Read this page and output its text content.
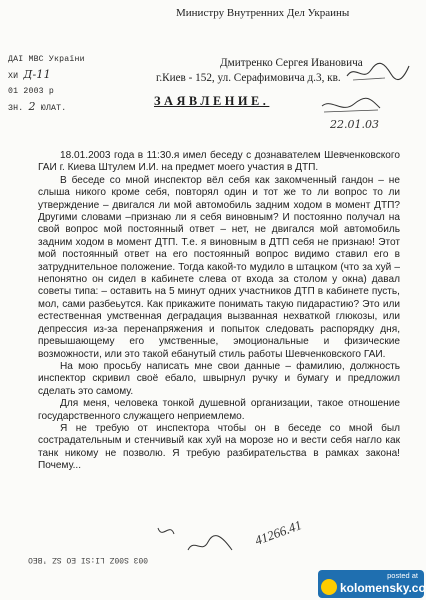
Министру Внутренних Дел Украины
ДАІ МВС України
ХИ Д-11
01 2003 р
ЗН. 2 ЮЛАТ.
Дмитренко Сергея Ивановича
г.Киев - 152, ул. Серафимовича д.3, кв.
ЗАЯВЛЕНИЕ.
22.01.03

18.01.2003 года в 11:30.я имел беседу с дознавателем Шевченковского ГАИ г. Киева Штулем И.И. на предмет моего участия в ДТП.

В беседе со мной инспектор вёл себя как закомченный гандон – не слыша никого кроме себя, повторял один и тот же то ли вопрос то ли утверждение – двигался ли мой автомобиль задним ходом в момент ДТП? Другими словами –признаю ли я себя виновным? И постоянно получал на свой вопрос мой постоянный ответ – нет, не двигался мой автомобиль задним ходом в момент ДТП. Т.е. я виновным в ДТП себя не признаю! Этот мой постоянный ответ на его постоянный вопрос видимо ставил его в затруднительное положение. Тогда какой-то мудило в штацком (что за хуй – непонятно он сидел в кабинете слева от входа за столом у окна) давал советы типа: – оставить на 5 минут одних участников ДТП в кабинете пусть, мол, сами разбеьутся. Как прикажите понимать такую пидарастию? Это или естественная умственная деградация вызванная нехваткой глюкозы, или депрессия из-за перенапряжения и попыток следовать распорядку дня, превышающему его умственные, эмоциональные и физические возможности, или это такой ебанутый стиль работы Шевченковского ГАИ.

На мою просьбу написать мне свои данные – фамилию, должность инспектор скривил своё ебало, швырнул ручку и бумагу и предложил сделать это самому.

Для меня, человека тонкой душевной организации, такое отношение государственного служащего неприемлемо.

Я не требую от инспектора чтобы он в беседе со мной был сострадательным и стенчивый как хуй на морозе но и вести себя нагло как танк никому не позволю. Я требую разбирательства в рамках закона! Почему...

41266.41
003 S00Z LI:SI EO SZ 'BEO
posted at
kolomensky.com
